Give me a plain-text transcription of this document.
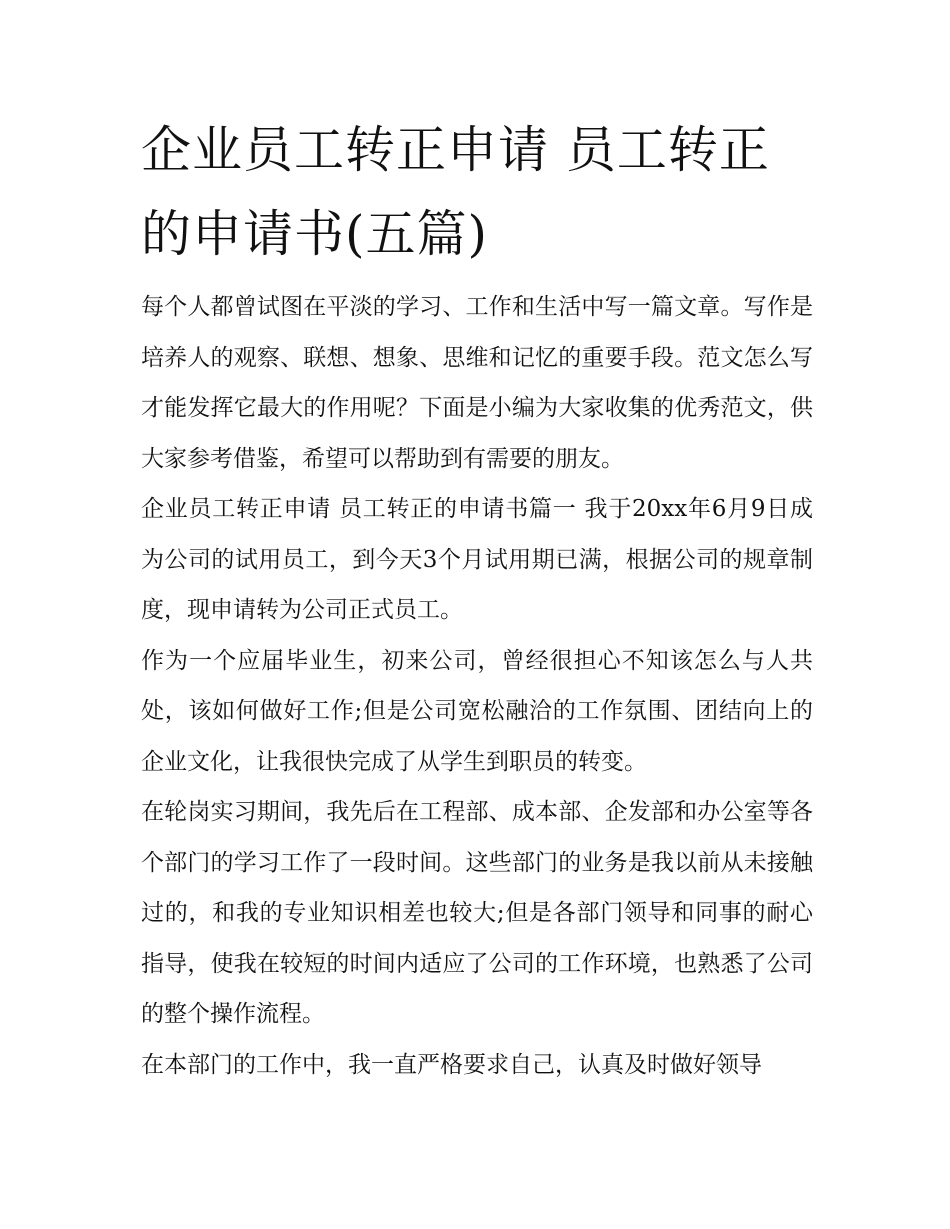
企业员工转正申请 员工转正的申请书(五篇)

每个人都曾试图在平淡的学习、工作和生活中写一篇文章。写作是培养人的观察、联想、想象、思维和记忆的重要手段。范文怎么写才能发挥它最大的作用呢？下面是小编为大家收集的优秀范文，供大家参考借鉴，希望可以帮助到有需要的朋友。

企业员工转正申请 员工转正的申请书篇一 我于20xx年6月9日成为公司的试用员工，到今天3个月试用期已满，根据公司的规章制度，现申请转为公司正式员工。

作为一个应届毕业生，初来公司，曾经很担心不知该怎么与人共处，该如何做好工作;但是公司宽松融洽的工作氛围、团结向上的企业文化，让我很快完成了从学生到职员的转变。

在轮岗实习期间，我先后在工程部、成本部、企发部和办公室等各个部门的学习工作了一段时间。这些部门的业务是我以前从未接触过的，和我的专业知识相差也较大;但是各部门领导和同事的耐心指导，使我在较短的时间内适应了公司的工作环境，也熟悉了公司的整个操作流程。

在本部门的工作中，我一直严格要求自己，认真及时做好领导
